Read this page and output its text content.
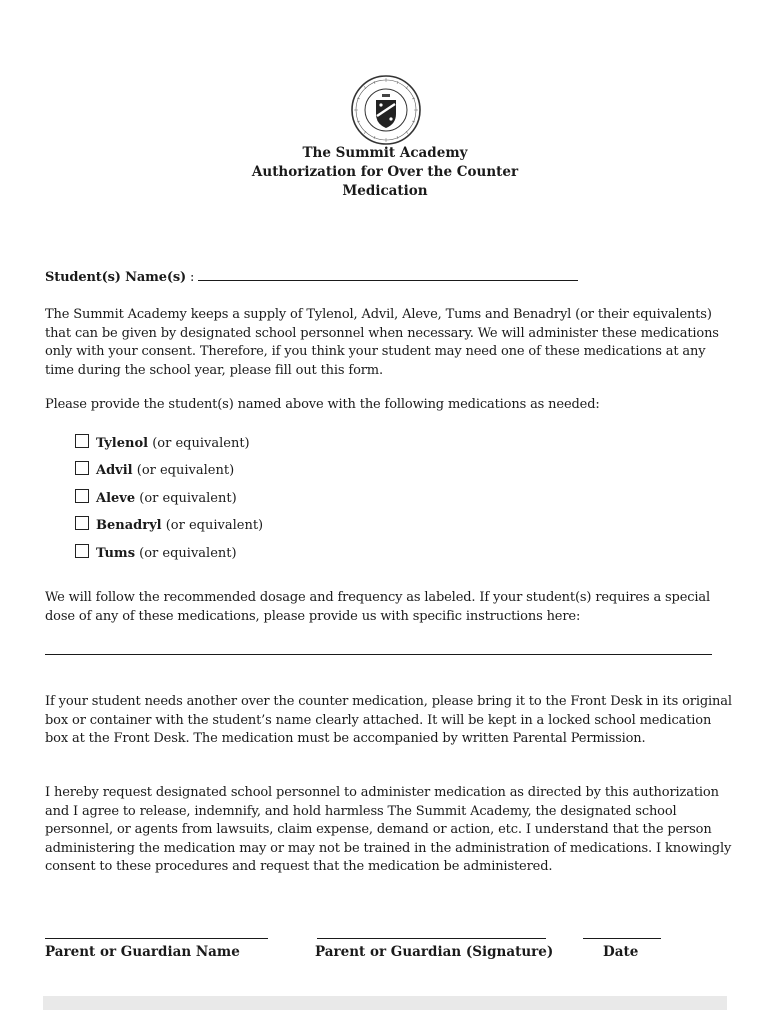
The Summit Academy
Authorization for Over the Counter
Medication

Student(s) Name(s) :

The Summit Academy keeps a supply of Tylenol, Advil, Aleve, Tums and Benadryl (or their equivalents) that can be given by designated school personnel when necessary. We will administer these medications only with your consent. Therefore, if you think your student may need one of these medications at any time during the school year, please fill out this form.

Please provide the student(s) named above with the following medications as needed:

Tylenol (or equivalent)
Advil (or equivalent)
Aleve (or equivalent)
Benadryl (or equivalent)
Tums (or equivalent)

We will follow the recommended dosage and frequency as labeled. If your student(s) requires a special dose of any of these medications, please provide us with specific instructions here:

If your student needs another over the counter medication, please bring it to the Front Desk in its original box or container with the student’s name clearly attached. It will be kept in a locked school medication box at the Front Desk. The medication must be accompanied by written Parental Permission.

I hereby request designated school personnel to administer medication as directed by this authorization and I agree to release, indemnify, and hold harmless The Summit Academy, the designated school personnel, or agents from lawsuits, claim expense, demand or action, etc. I understand that the person administering the medication may or may not be trained in the administration of medications. I knowingly consent to these procedures and request that the medication be administered.

Parent or Guardian Name	Parent or Guardian (Signature)	Date
